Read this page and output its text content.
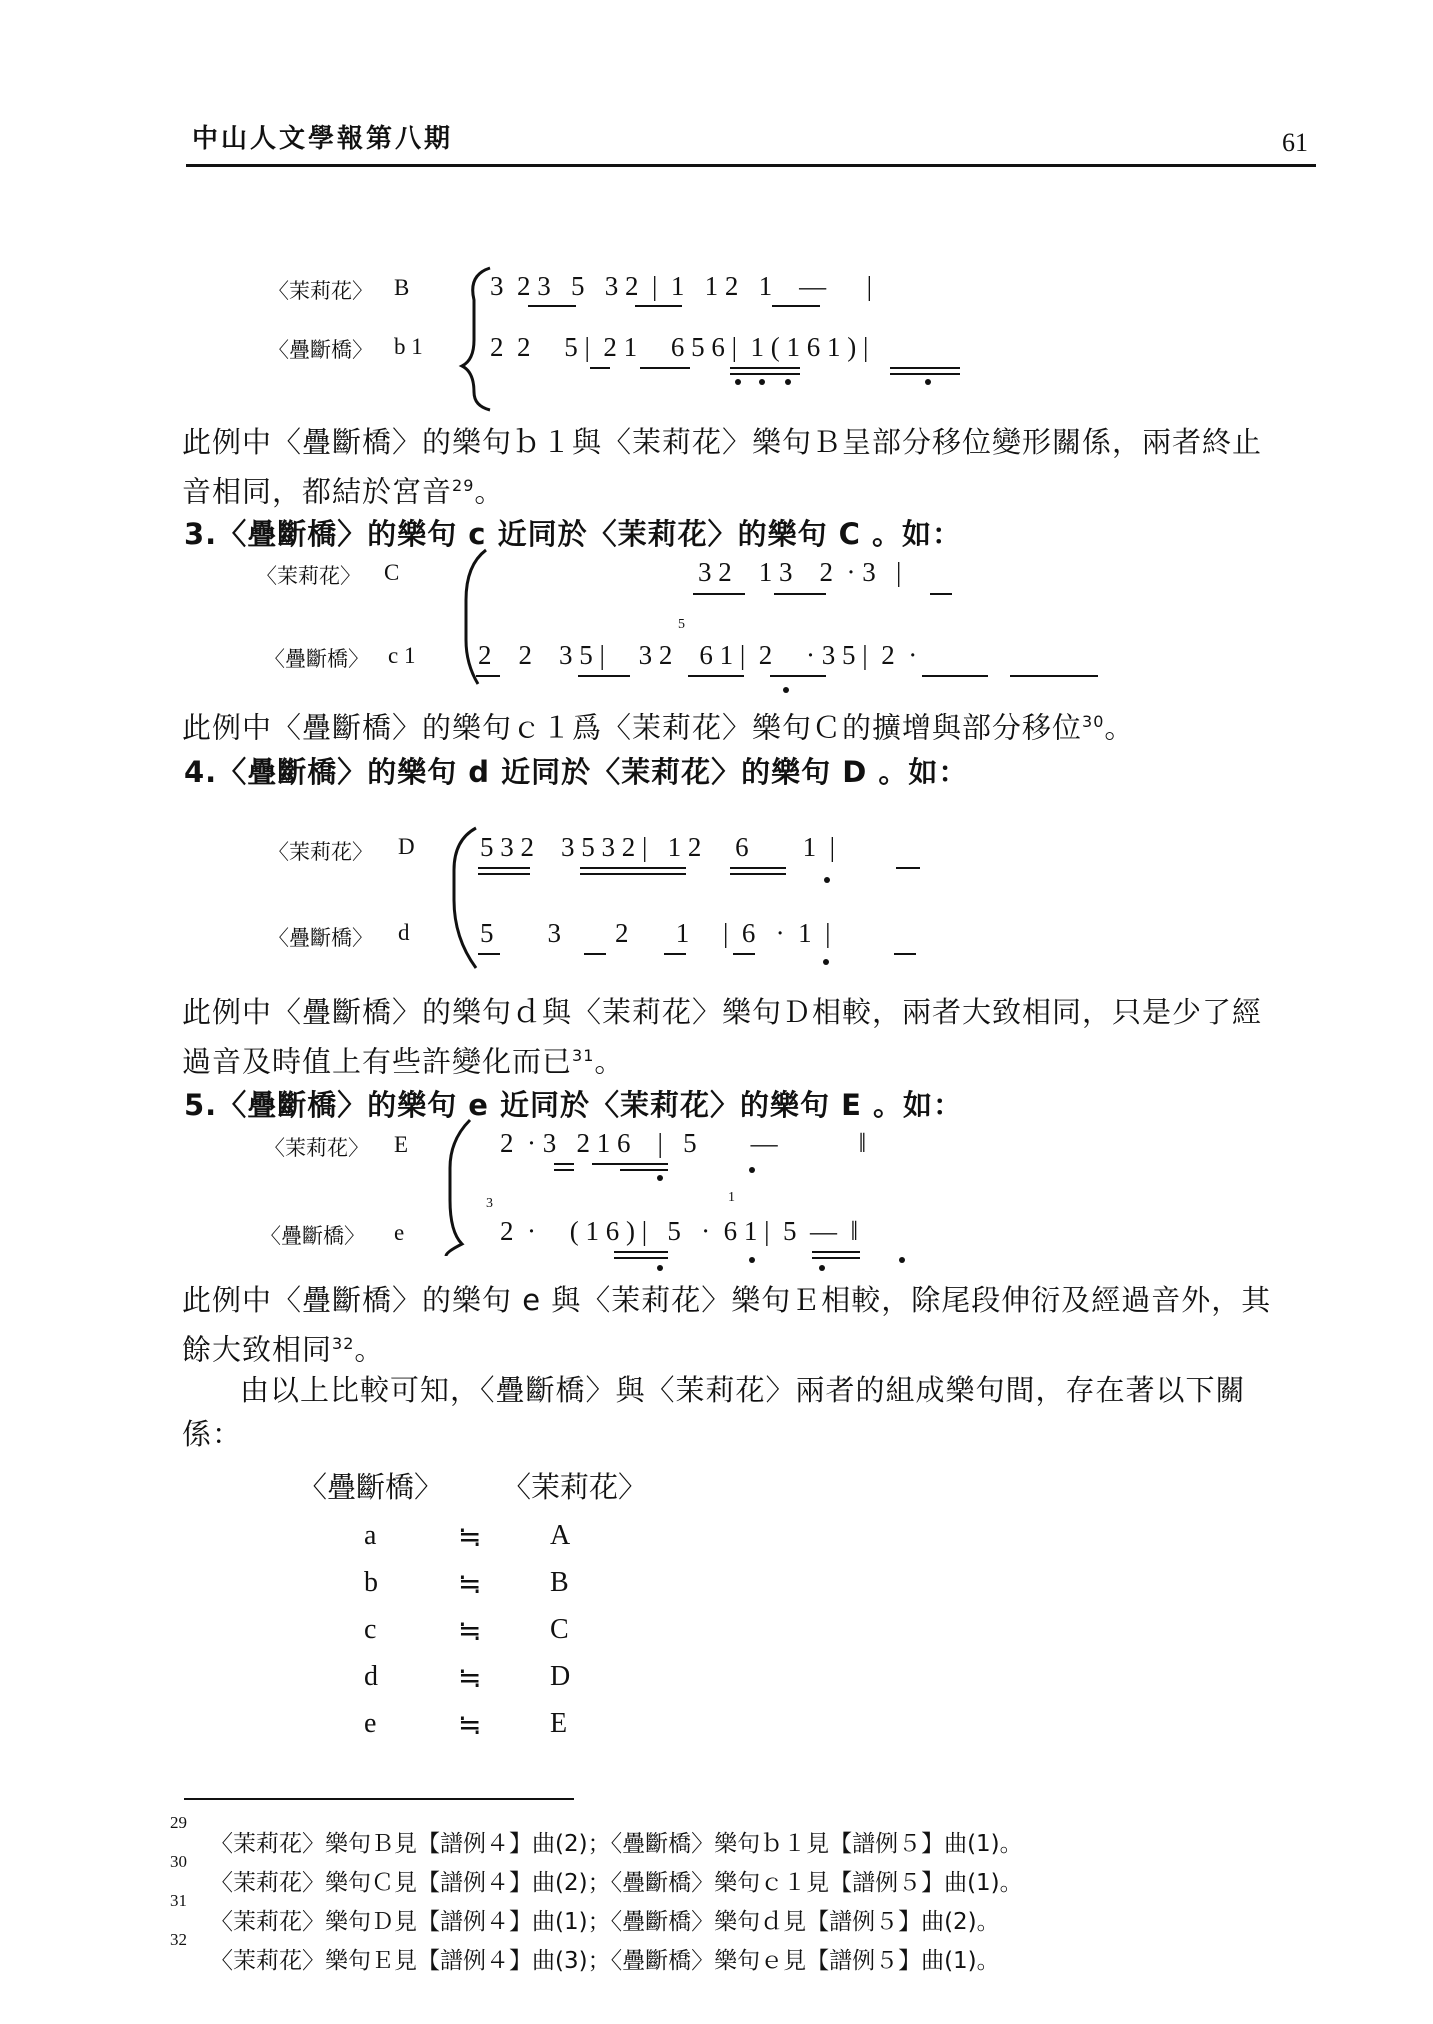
中山人文學報第八期	61
〈茉莉花〉 B
〈疊斷橋〉 b 1
3  2 3   5   3 2  |  1   1 2   1    —      |
2  2     5 |  2 1     6 5 6 |  1 ( 1 6 1 ) |
此例中〈疊斷橋〉的樂句ｂ１與〈茉莉花〉樂句Ｂ呈部分移位變形關係，兩者終止
音相同，都結於宮音$^{29}$。
3.〈疊斷橋〉的樂句 c 近同於〈茉莉花〉的樂句 C 。如：
〈茉莉花〉 C
〈疊斷橋〉 c 1
3 2    1 3    2  · 3   |
2    2    3 5 |     3 2    6 1 |  2     · 3 5 |  2  ·
5
此例中〈疊斷橋〉的樂句ｃ１爲〈茉莉花〉樂句Ｃ的擴增與部分移位$^{30}$。
4.〈疊斷橋〉的樂句 d 近同於〈茉莉花〉的樂句 D 。如：
〈茉莉花〉 D
〈疊斷橋〉 d
5 3 2    3 5 3 2 |   1 2     6        1  |
5        3        2       1     |  6   ·  1  |
此例中〈疊斷橋〉的樂句ｄ與〈茉莉花〉樂句Ｄ相較，兩者大致相同，只是少了經
過音及時值上有些許變化而已$^{31}$。
5.〈疊斷橋〉的樂句 e 近同於〈茉莉花〉的樂句 E 。如：
〈茉莉花〉 E
〈疊斷橋〉 e
2  · 3   2 1 6    |   5        —            ‖
2  ·     ( 1 6 ) |   5   ·  6 1 |  5  —  ‖
3	1
此例中〈疊斷橋〉的樂句 e 與〈茉莉花〉樂句Ｅ相較，除尾段伸衍及經過音外，其
餘大致相同$^{32}$。
由以上比較可知，〈疊斷橋〉與〈茉莉花〉兩者的組成樂句間，存在著以下關
係：
〈疊斷橋〉 〈茉莉花〉
a	≒ A
b	≒ B
c	≒ C
d	≒ D
e	≒ E
29
〈茉莉花〉樂句Ｂ見【譜例４】曲(2)；〈疊斷橋〉樂句ｂ１見【譜例５】曲(1)。
30
〈茉莉花〉樂句Ｃ見【譜例４】曲(2)；〈疊斷橋〉樂句ｃ１見【譜例５】曲(1)。
31
〈茉莉花〉樂句Ｄ見【譜例４】曲(1)；〈疊斷橋〉樂句ｄ見【譜例５】曲(2)。
32
〈茉莉花〉樂句Ｅ見【譜例４】曲(3)；〈疊斷橋〉樂句ｅ見【譜例５】曲(1)。
